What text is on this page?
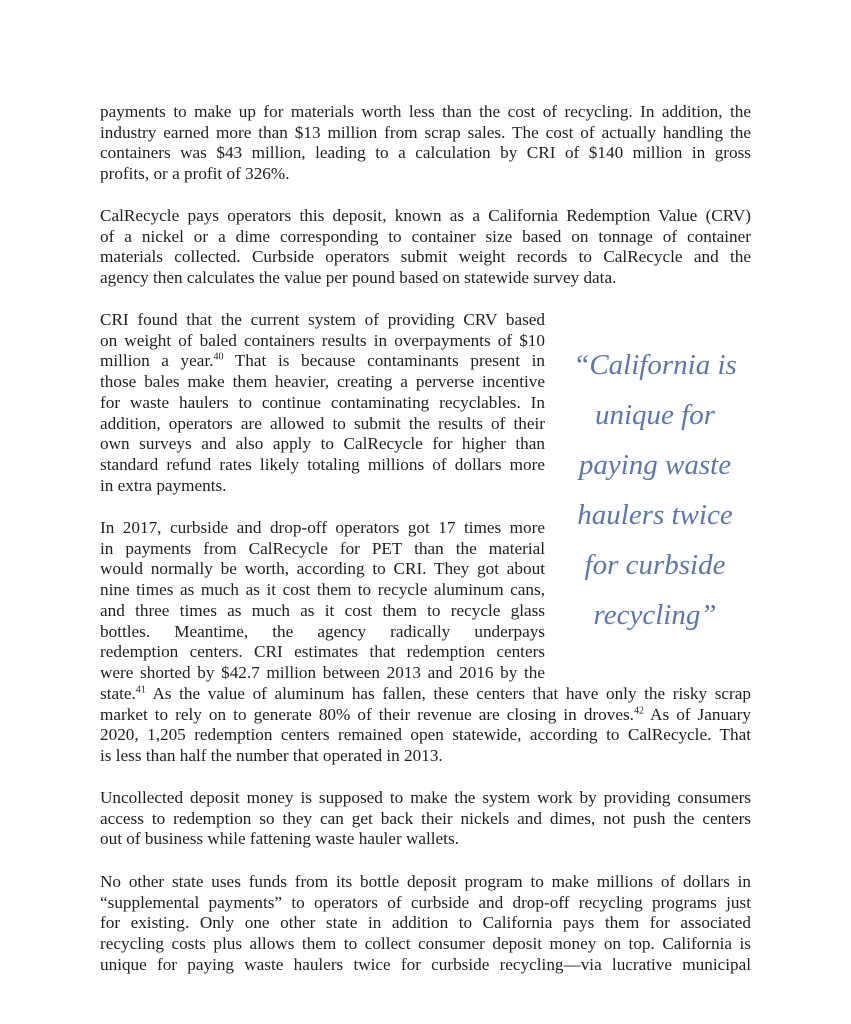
payments to make up for materials worth less than the cost of recycling. In addition, the
industry earned more than $13 million from scrap sales. The cost of actually handling the
containers was $43 million, leading to a calculation by CRI of $140 million in gross
profits, or a profit of 326%.
CalRecycle pays operators this deposit, known as a California Redemption Value (CRV)
of a nickel or a dime corresponding to container size based on tonnage of container
materials collected. Curbside operators submit weight records to CalRecycle and the
agency then calculates the value per pound based on statewide survey data.
CRI found that the current system of providing CRV based
on weight of baled containers results in overpayments of $10
million a year.$^{40}$ That is because contaminants present in
those bales make them heavier, creating a perverse incentive
for waste haulers to continue contaminating recyclables. In
addition, operators are allowed to submit the results of their
own surveys and also apply to CalRecycle for higher than
standard refund rates likely totaling millions of dollars more
in extra payments.
In 2017, curbside and drop-off operators got 17 times more
in payments from CalRecycle for PET than the material
would normally be worth, according to CRI. They got about
nine times as much as it cost them to recycle aluminum cans,
and three times as much as it cost them to recycle glass
bottles. Meantime, the agency radically underpays
redemption centers. CRI estimates that redemption centers
were shorted by $42.7 million between 2013 and 2016 by the
state.$^{41}$ As the value of aluminum has fallen, these centers that have only the risky scrap
market to rely on to generate 80% of their revenue are closing in droves.$^{42}$ As of January
2020, 1,205 redemption centers remained open statewide, according to CalRecycle. That
is less than half the number that operated in 2013.
Uncollected deposit money is supposed to make the system work by providing consumers
access to redemption so they can get back their nickels and dimes, not push the centers
out of business while fattening waste hauler wallets.
No other state uses funds from its bottle deposit program to make millions of dollars in
“supplemental payments” to operators of curbside and drop-off recycling programs just
for existing. Only one other state in addition to California pays them for associated
recycling costs plus allows them to collect consumer deposit money on top. California is
unique for paying waste haulers twice for curbside recycling—via lucrative municipal
“California is
unique for
paying waste
haulers twice
for curbside
recycling”
